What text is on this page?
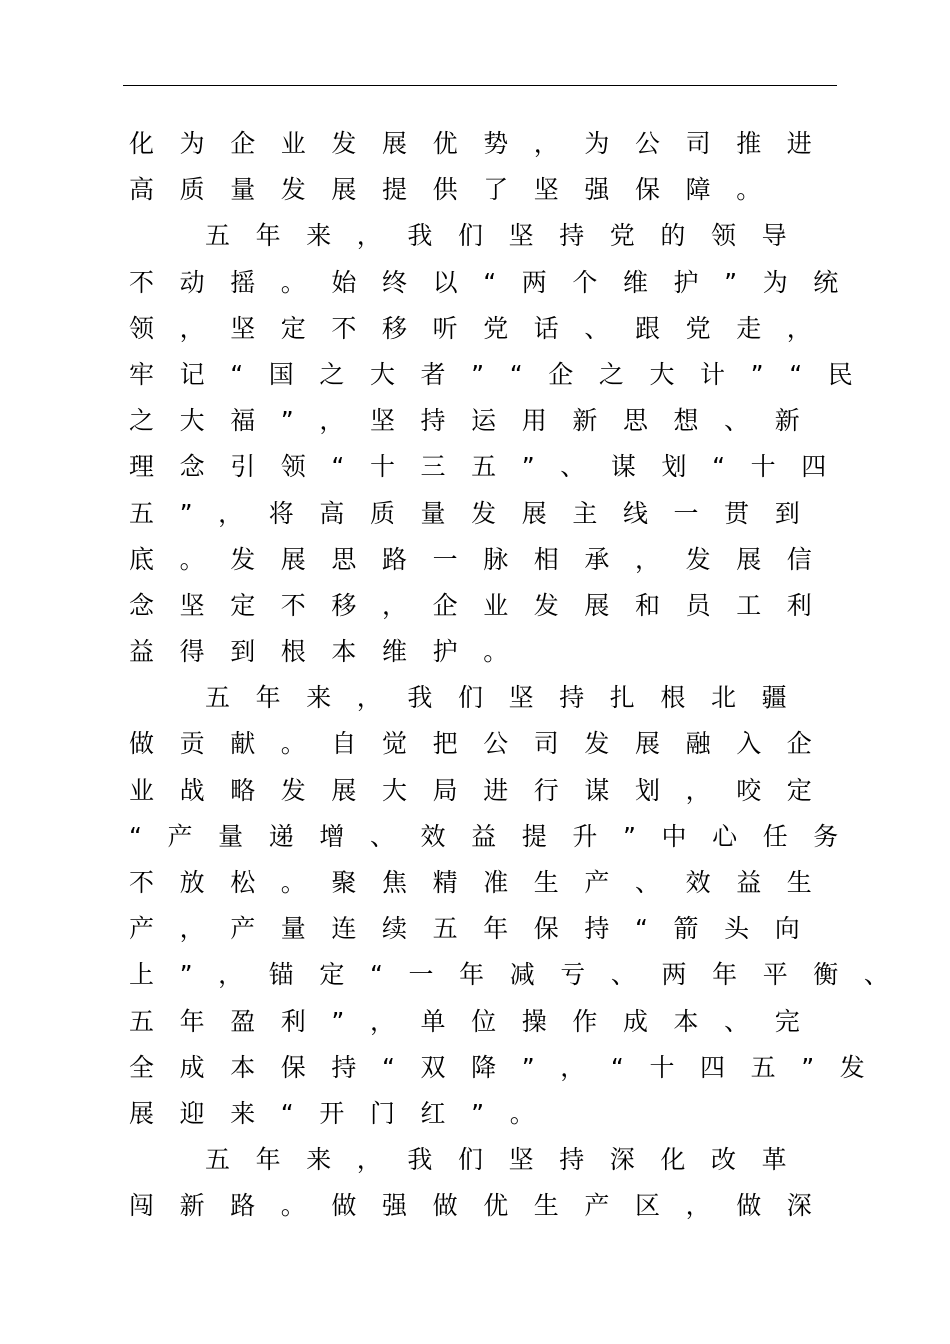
化为企业发展优势，为公司推进
高质量发展提供了坚强保障。
五年来，我们坚持党的领导
不动摇。始终以“两个维护”为统
领，坚定不移听党话、跟党走，
牢记“国之大者”“企之大计”“民
之大福”，坚持运用新思想、新
理念引领“十三五”、谋划“十四
五”，将高质量发展主线一贯到
底。发展思路一脉相承，发展信
念坚定不移，企业发展和员工利
益得到根本维护。
五年来，我们坚持扎根北疆
做贡献。自觉把公司发展融入企
业战略发展大局进行谋划，咬定
“产量递增、效益提升”中心任务
不放松。聚焦精准生产、效益生
产，产量连续五年保持“箭头向
上”，锚定“一年减亏、两年平衡、
五年盈利”，单位操作成本、完
全成本保持“双降”，“十四五”发
展迎来“开门红”。
五年来，我们坚持深化改革
闯新路。做强做优生产区，做深
